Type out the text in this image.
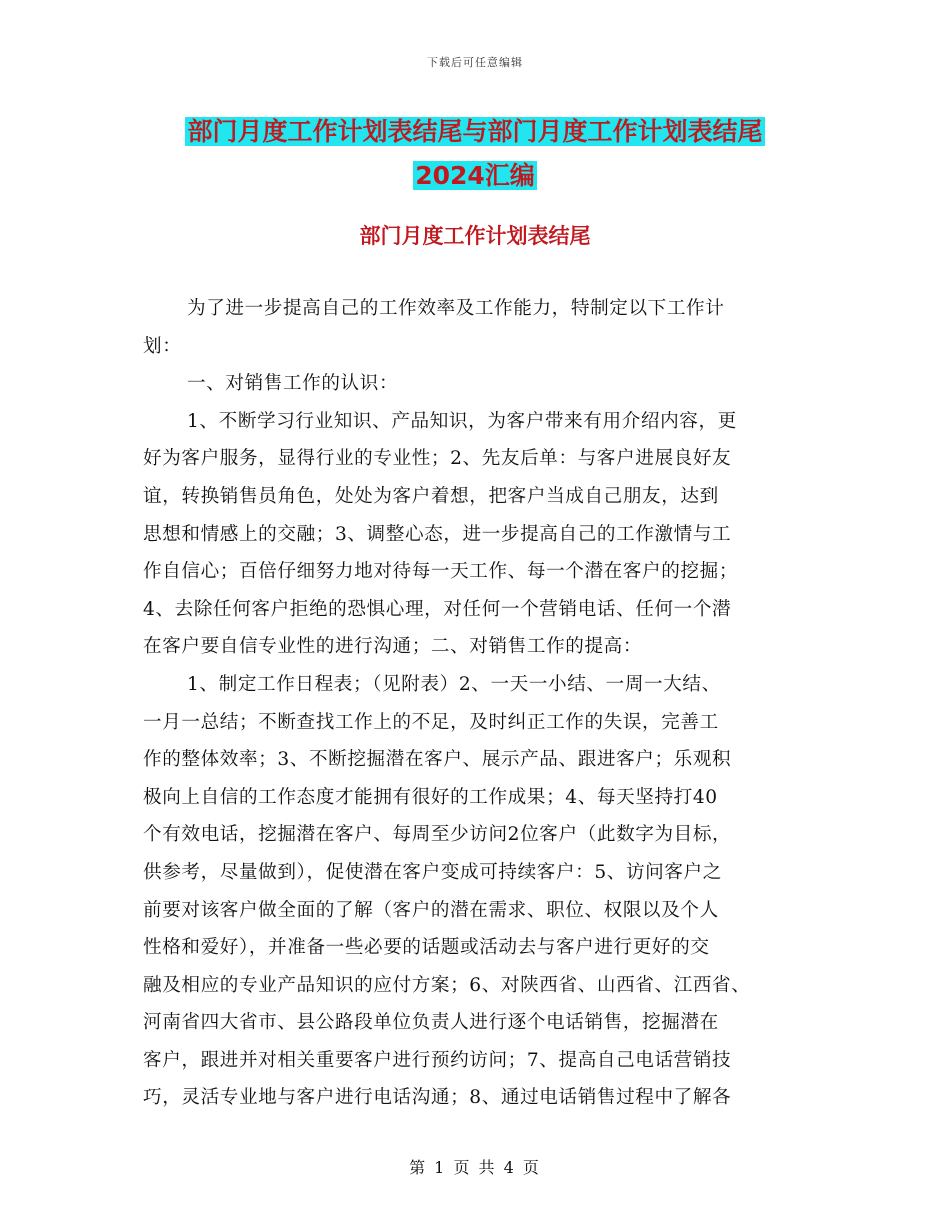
下载后可任意编辑
部门月度工作计划表结尾与部门月度工作计划表结尾
2024汇编
部门月度工作计划表结尾
为了进一步提高自己的工作效率及工作能力，特制定以下工作计
划：
一、对销售工作的认识：
1、不断学习行业知识、产品知识，为客户带来有用介绍内容，更
好为客户服务，显得行业的专业性；2、先友后单：与客户进展良好友
谊，转换销售员角色，处处为客户着想，把客户当成自己朋友，达到
思想和情感上的交融；3、调整心态，进一步提高自己的工作激情与工
作自信心；百倍仔细努力地对待每一天工作、每一个潜在客户的挖掘；
4、去除任何客户拒绝的恐惧心理，对任何一个营销电话、任何一个潜
在客户要自信专业性的进行沟通；二、对销售工作的提高：
1、制定工作日程表；（见附表）2、一天一小结、一周一大结、
一月一总结；不断查找工作上的不足，及时纠正工作的失误，完善工
作的整体效率；3、不断挖掘潜在客户、展示产品、跟进客户；乐观积
极向上自信的工作态度才能拥有很好的工作成果；4、每天坚持打40
个有效电话，挖掘潜在客户、每周至少访问2位客户（此数字为目标，
供参考，尽量做到），促使潜在客户变成可持续客户：5、访问客户之
前要对该客户做全面的了解（客户的潜在需求、职位、权限以及个人
性格和爱好），并准备一些必要的话题或活动去与客户进行更好的交
融及相应的专业产品知识的应付方案；6、对陕西省、山西省、江西省、
河南省四大省市、县公路段单位负责人进行逐个电话销售，挖掘潜在
客户，跟进并对相关重要客户进行预约访问；7、提高自己电话营销技
巧，灵活专业地与客户进行电话沟通；8、通过电话销售过程中了解各
第 1 页 共 4 页
